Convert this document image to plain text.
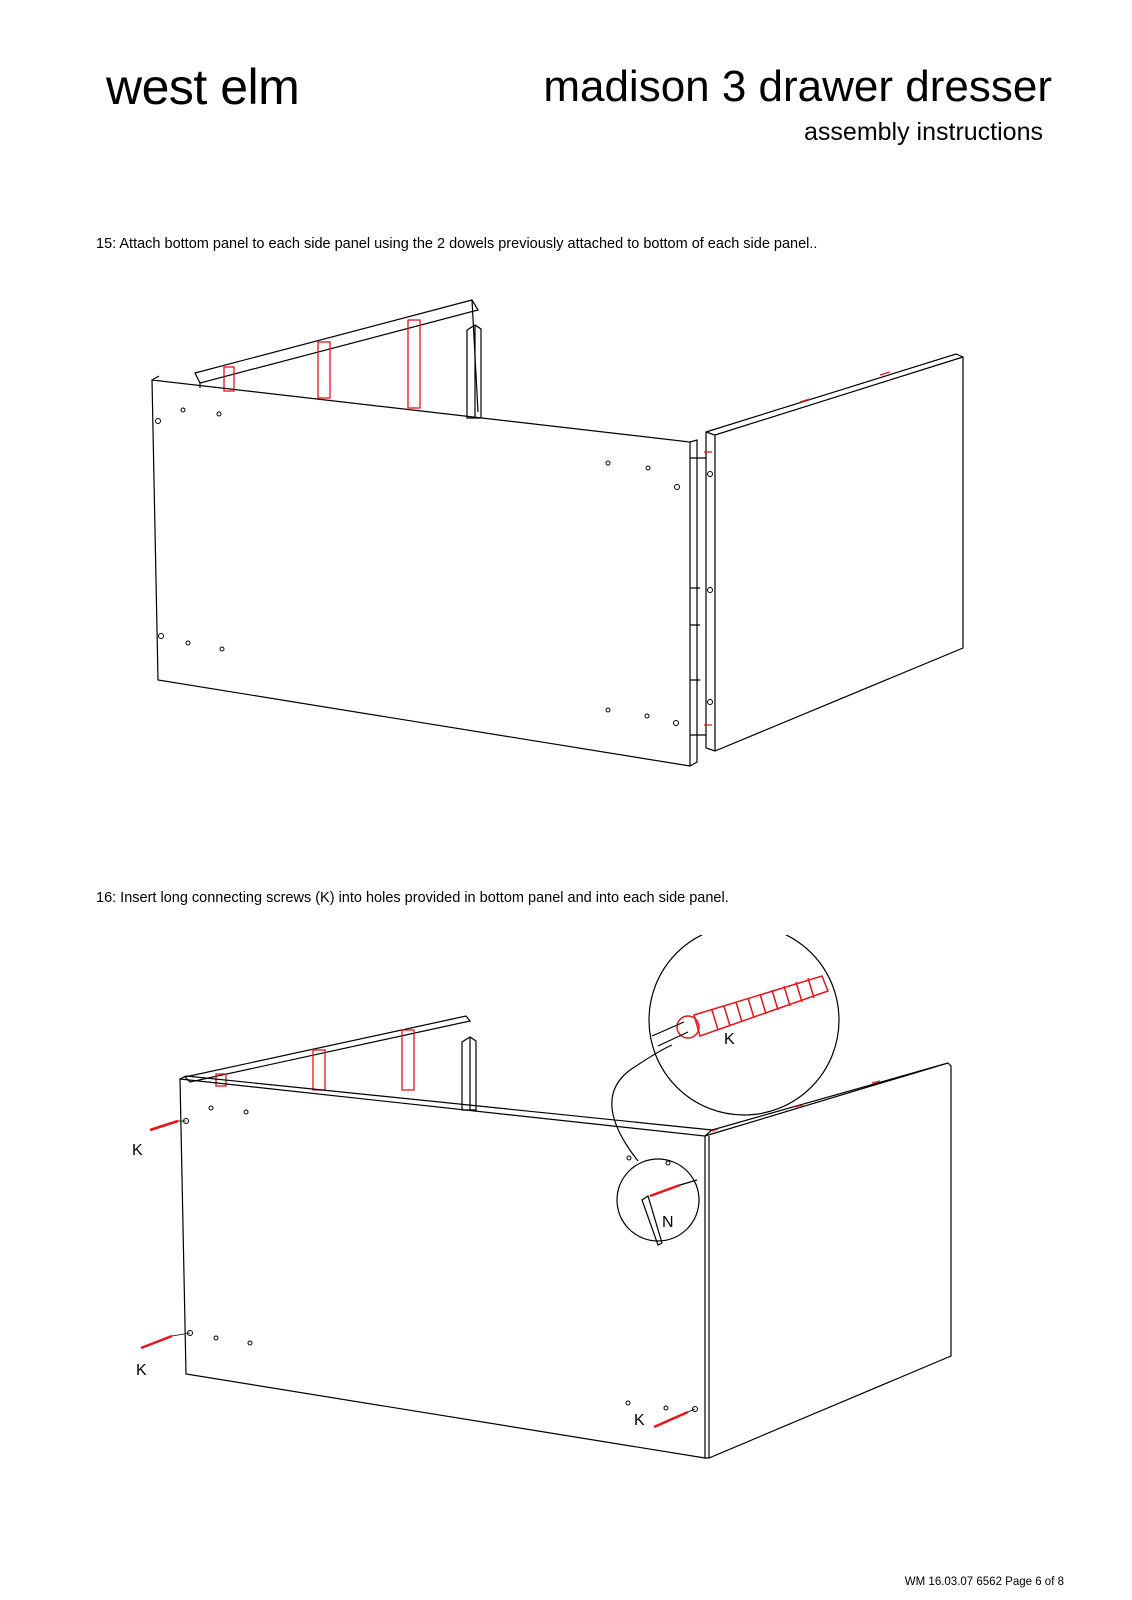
west elm	madison 3 drawer dresser
assembly instructions
15: Attach bottom panel to each side panel using the 2 dowels previously attached to bottom of each side panel..
16: Insert long connecting screws (K) into holes provided in bottom panel and into each side panel.
K
K
K
K
N
WM 16.03.07 6562 Page 6 of 8
